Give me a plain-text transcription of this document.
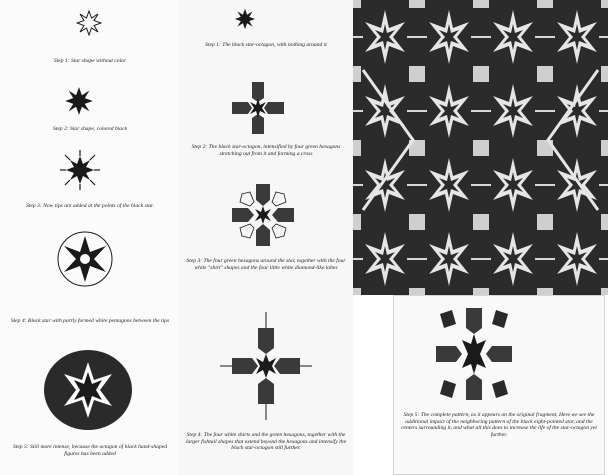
Step 1: Star shape without color
Step 2: Star shape, colored black
Step 3: Now tips are added at the points of the black star.
Step 4: Black star with partly formed white pentagons between the tips
Step 5: Still more intense, because the octagon of black hand-shaped figures has been added
Step 1: The black star-octagon, with nothing around it
Step 2: The black star-octagon, intensified by four green hexagons stretching out from it and forming a cross
Step 3: The four green hexagons around the star, together with the four white "shirt" shapes and the four little white diamond-like lobes
Step 4: The four white shirts and the green hexagons, together with the larger fishtail shapes that extend beyond the hexagons and intensify the black star-octagon still further.
Step 5: The complete pattern, as it appears on the original fragment. Here we see the additional impact of the neighboring pattern of the black eight-pointed star, and the centers surrounding it, and what all this does to increase the life of the star-octagon yet further.
